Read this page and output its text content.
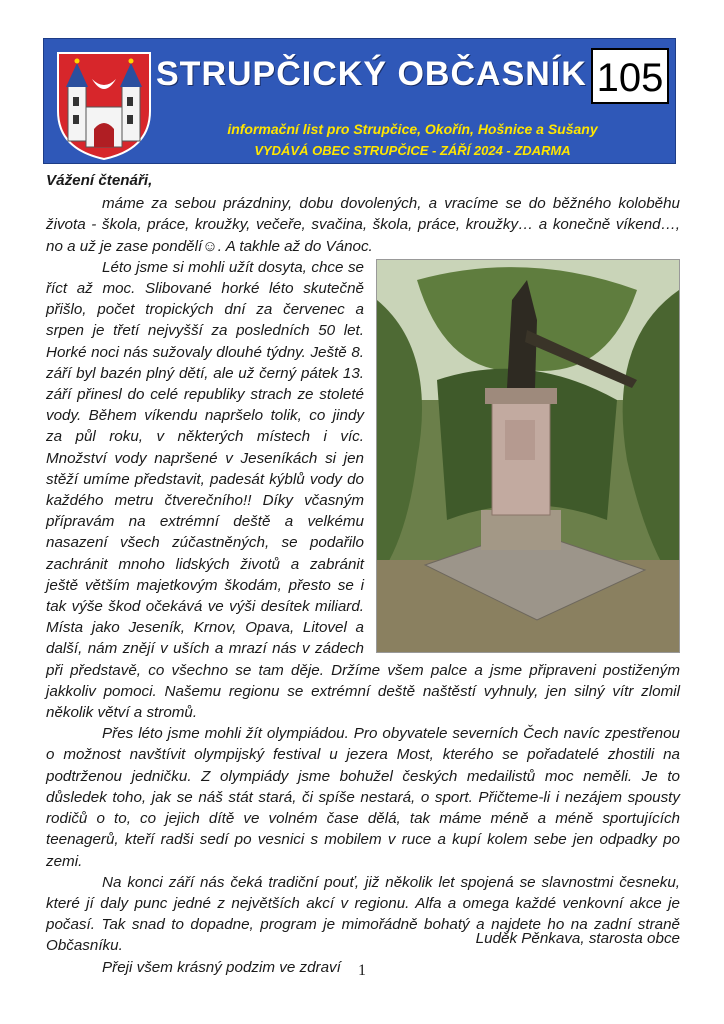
STRUPČICKÝ OBČASNÍK 105
informační list pro Strupčice, Okořín, Hošnice a Sušany
VYDÁVÁ OBEC STRUPČICE - ZÁŘÍ 2024 - ZDARMA
Vážení čtenáři,

máme za sebou prázdniny, dobu dovolených, a vracíme se do běžného koloběhu života - škola, práce, kroužky, večeře, svačina, škola, práce, kroužky… a konečně víkend…, no a už je zase pondělí☺. A takhle až do Vánoc.

Léto jsme si mohli užít dosyta, chce se říct až moc. Slibované horké léto skutečně přišlo, počet tropických dní za červenec a srpen je třetí nejvyšší za posledních 50 let. Horké noci nás sužovaly dlouhé týdny. Ještě 8. září byl bazén plný dětí, ale už černý pátek 13. září přinesl do celé republiky strach ze stoleté vody. Během víkendu napršelo tolik, co jindy za půl roku, v některých místech i víc. Množství vody napršené v Jeseníkách si jen stěží umíme představit, padesát kýblů vody do každého metru čtverečního!! Díky včasným přípravám na extrémní deště a velkému nasazení všech zúčastněných, se podařilo zachránit mnoho lidských životů a zabránit ještě větším majetkovým škodám, přesto se i tak výše škod očekává ve výši desítek miliard. Místa jako Jeseník, Krnov, Opava, Litovel a další, nám znějí v uších a mrazí nás v zádech při představě, co všechno se tam děje. Držíme všem palce a jsme připraveni postiženým jakkoliv pomoci. Našemu regionu se extrémní deště naštěstí vyhnuly, jen silný vítr zlomil několik větví a stromů.

Přes léto jsme mohli žít olympiádou. Pro obyvatele severních Čech navíc zpestřenou o možnost navštívit olympijský festival u jezera Most, kterého se pořadatelé zhostili na podtrženou jedničku. Z olympiády jsme bohužel českých medailistů moc neměli. Je to důsledek toho, jak se náš stát stará, či spíše nestará, o sport. Přičteme-li i nezájem spousty rodičů o to, co jejich dítě ve volném čase dělá, tak máme méně a méně sportujících teenagerů, kteří radši sedí po vesnici s mobilem v ruce a kupí kolem sebe jen odpadky po zemi.

Na konci září nás čeká tradiční pouť, již několik let spojená se slavnostmi česneku, které jí daly punc jedné z největších akcí v regionu. Alfa a omega každé venkovní akce je počasí. Tak snad to dopadne, program je mimořádně bohatý a najdete ho na zadní straně Občasníku.

Přeji všem krásný podzim ve zdraví

Luděk Pěnkava, starosta obce
1
